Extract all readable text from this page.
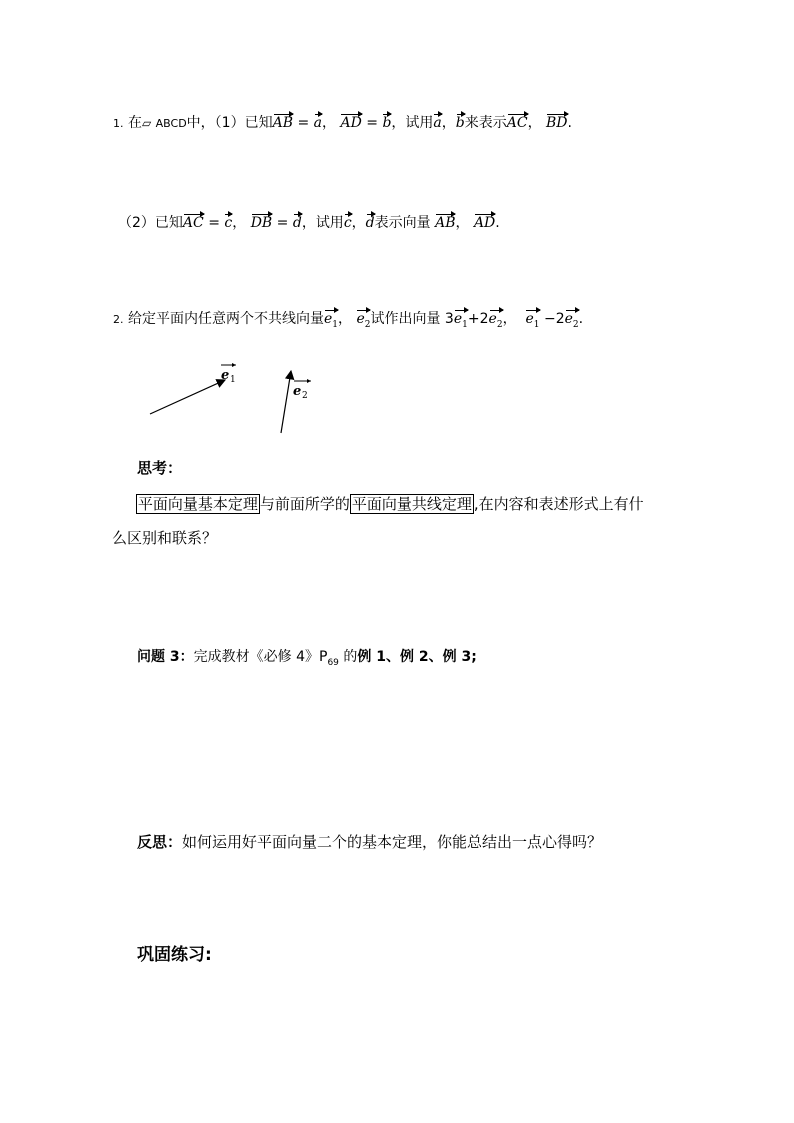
1. 在▱ ABCD中，（1）已知AB = a， AD = b，试用a，b来表示AC， BD.
（2）已知AC = c， DB = d，试用c，d表示向量 AB， AD.
2. 给定平面内任意两个不共线向量$e_1$， $e_2$试作出向量 $3e_1+2e_2$，  $e_1 -2e_2$.
e 1
e 2
思考：
平面向量基本定理 与前面所学的 平面向量共线定理 ,在内容和表述形式上有什
么区别和联系？
问题 3：完成教材《必修 4》$P_{69}$ 的例 1、例 2、例 3;
反思：如何运用好平面向量二个的基本定理，你能总结出一点心得吗？
巩固练习:
